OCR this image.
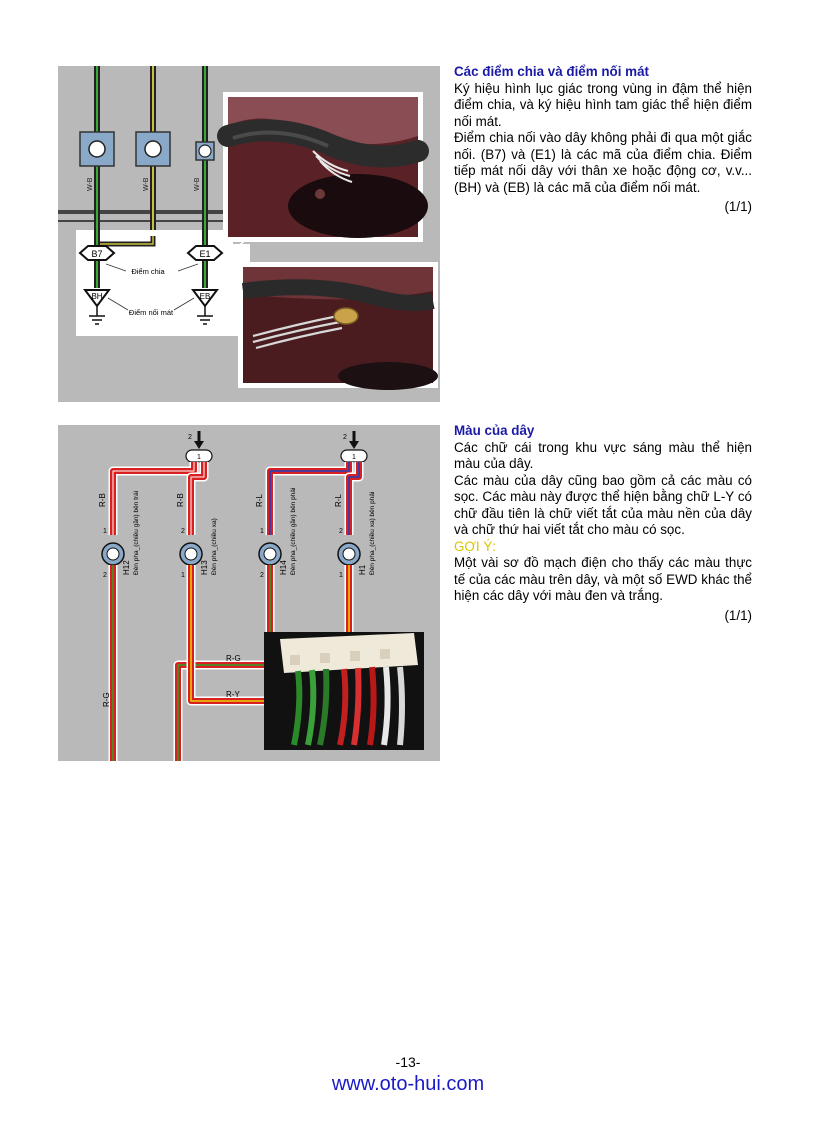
W-B	W-B	W-B
B7	E1
Điểm chia
BH	EB
Điểm nối mát

Các điểm chia và điểm nối mát

Ký hiệu hình lục giác trong vùng in đậm thể hiện điểm chia, và ký hiệu hình tam giác thể hiện điểm nối mát.

Điểm chia nối vào dây không phải đi qua một giắc nối. (B7) và (E1) là các mã của điểm chia. Điểm tiếp mát nối dây với thân xe hoặc động cơ, v.v... (BH) và (EB) là các mã của điểm nối mát.

(1/1)

2
1
2
1
R-B	R-B	R-L	R-L
1
2
H12 Đèn pha_(chiều gần) bên trái	2
1
H13 Đèn pha_(chiều xa)	1
2
H14 Đèn pha_(chiều gần) bên phải	2
1
H1 Đèn pha_(chiều xa) bên phải
R-G
R-Y
R-G

Màu của dây

Các chữ cái trong khu vực sáng màu thể hiện màu của dây.

Các màu của dây cũng bao gồm cả các màu có sọc. Các màu này được thể hiện bằng chữ L-Y có chữ đầu tiên là chữ viết tắt của màu nền của dây và chữ thứ hai viết tắt cho màu có sọc.

GỢI Ý:

Một vài sơ đồ mạch điện cho thấy các màu thực tế của các màu trên dây, và một số EWD khác thể hiện các dây với màu đen và trắng.

(1/1)

-13-
www.oto-hui.com
